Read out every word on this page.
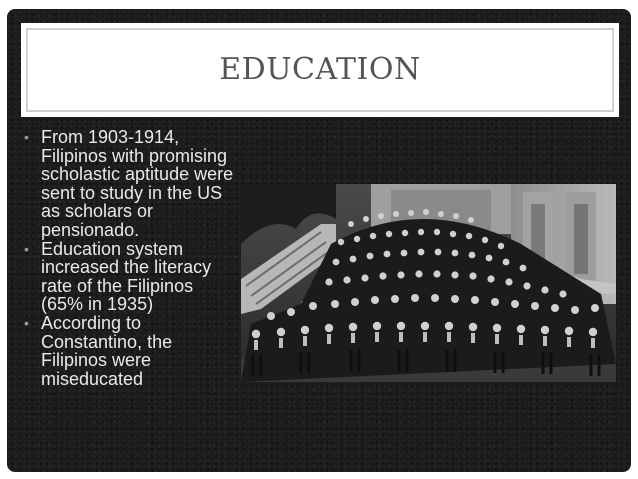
EDUCATION
• From 1903-1914, Filipinos with promising scholastic aptitude were sent to study in the US as scholars or pensionado.
• Education system increased the literacy rate of the Filipinos (65% in 1935)
• According to Constantino, the Filipinos were miseducated
